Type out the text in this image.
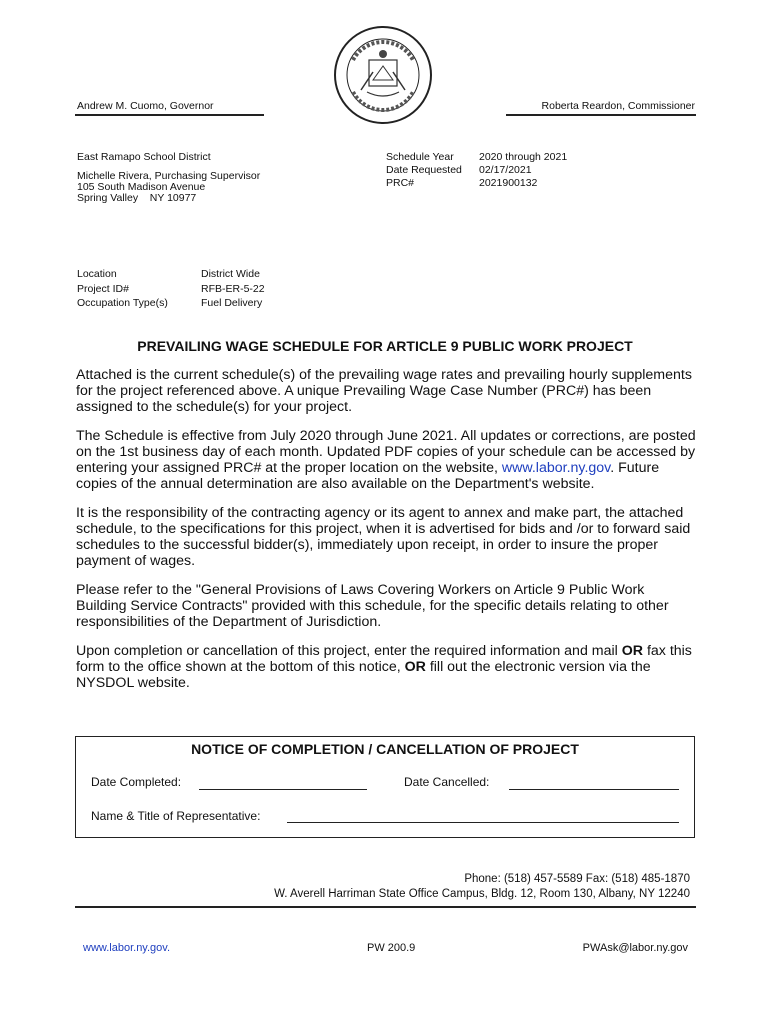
Andrew M. Cuomo, Governor	Roberta Reardon, Commissioner
East Ramapo School District
Michelle Rivera, Purchasing Supervisor
105 South Madison Avenue
Spring Valley    NY 10977
Schedule Year	2020 through 2021
Date Requested	02/17/2021
PRC#	2021900132
Location	District Wide
Project ID#	RFB-ER-5-22
Occupation Type(s)	Fuel Delivery
PREVAILING WAGE SCHEDULE FOR ARTICLE 9 PUBLIC WORK PROJECT

Attached is the current schedule(s) of the prevailing wage rates and prevailing hourly supplements for the project referenced above. A unique Prevailing Wage Case Number (PRC#) has been assigned to the schedule(s) for your project.

The Schedule is effective from July 2020 through June 2021. All updates or corrections, are posted on the 1st business day of each month. Updated PDF copies of your schedule can be accessed by entering your assigned PRC# at the proper location on the website, www.labor.ny.gov. Future copies of the annual determination are also available on the Department's website.

It is the responsibility of the contracting agency or its agent to annex and make part, the attached schedule, to the specifications for this project, when it is advertised for bids and /or to forward said schedules to the successful bidder(s), immediately upon receipt, in order to insure the proper payment of wages.

Please refer to the "General Provisions of Laws Covering Workers on Article 9 Public Work Building Service Contracts" provided with this schedule, for the specific details relating to other responsibilities of the Department of Jurisdiction.

Upon completion or cancellation of this project, enter the required information and mail OR fax this form to the office shown at the bottom of this notice, OR fill out the electronic version via the NYSDOL website.

NOTICE OF COMPLETION / CANCELLATION OF PROJECT
Date Completed:	Date Cancelled:
Name & Title of Representative:
Phone: (518) 457-5589 Fax: (518) 485-1870
W. Averell Harriman State Office Campus, Bldg. 12, Room 130, Albany, NY 12240
www.labor.ny.gov.	PW 200.9	PWAsk@labor.ny.gov
